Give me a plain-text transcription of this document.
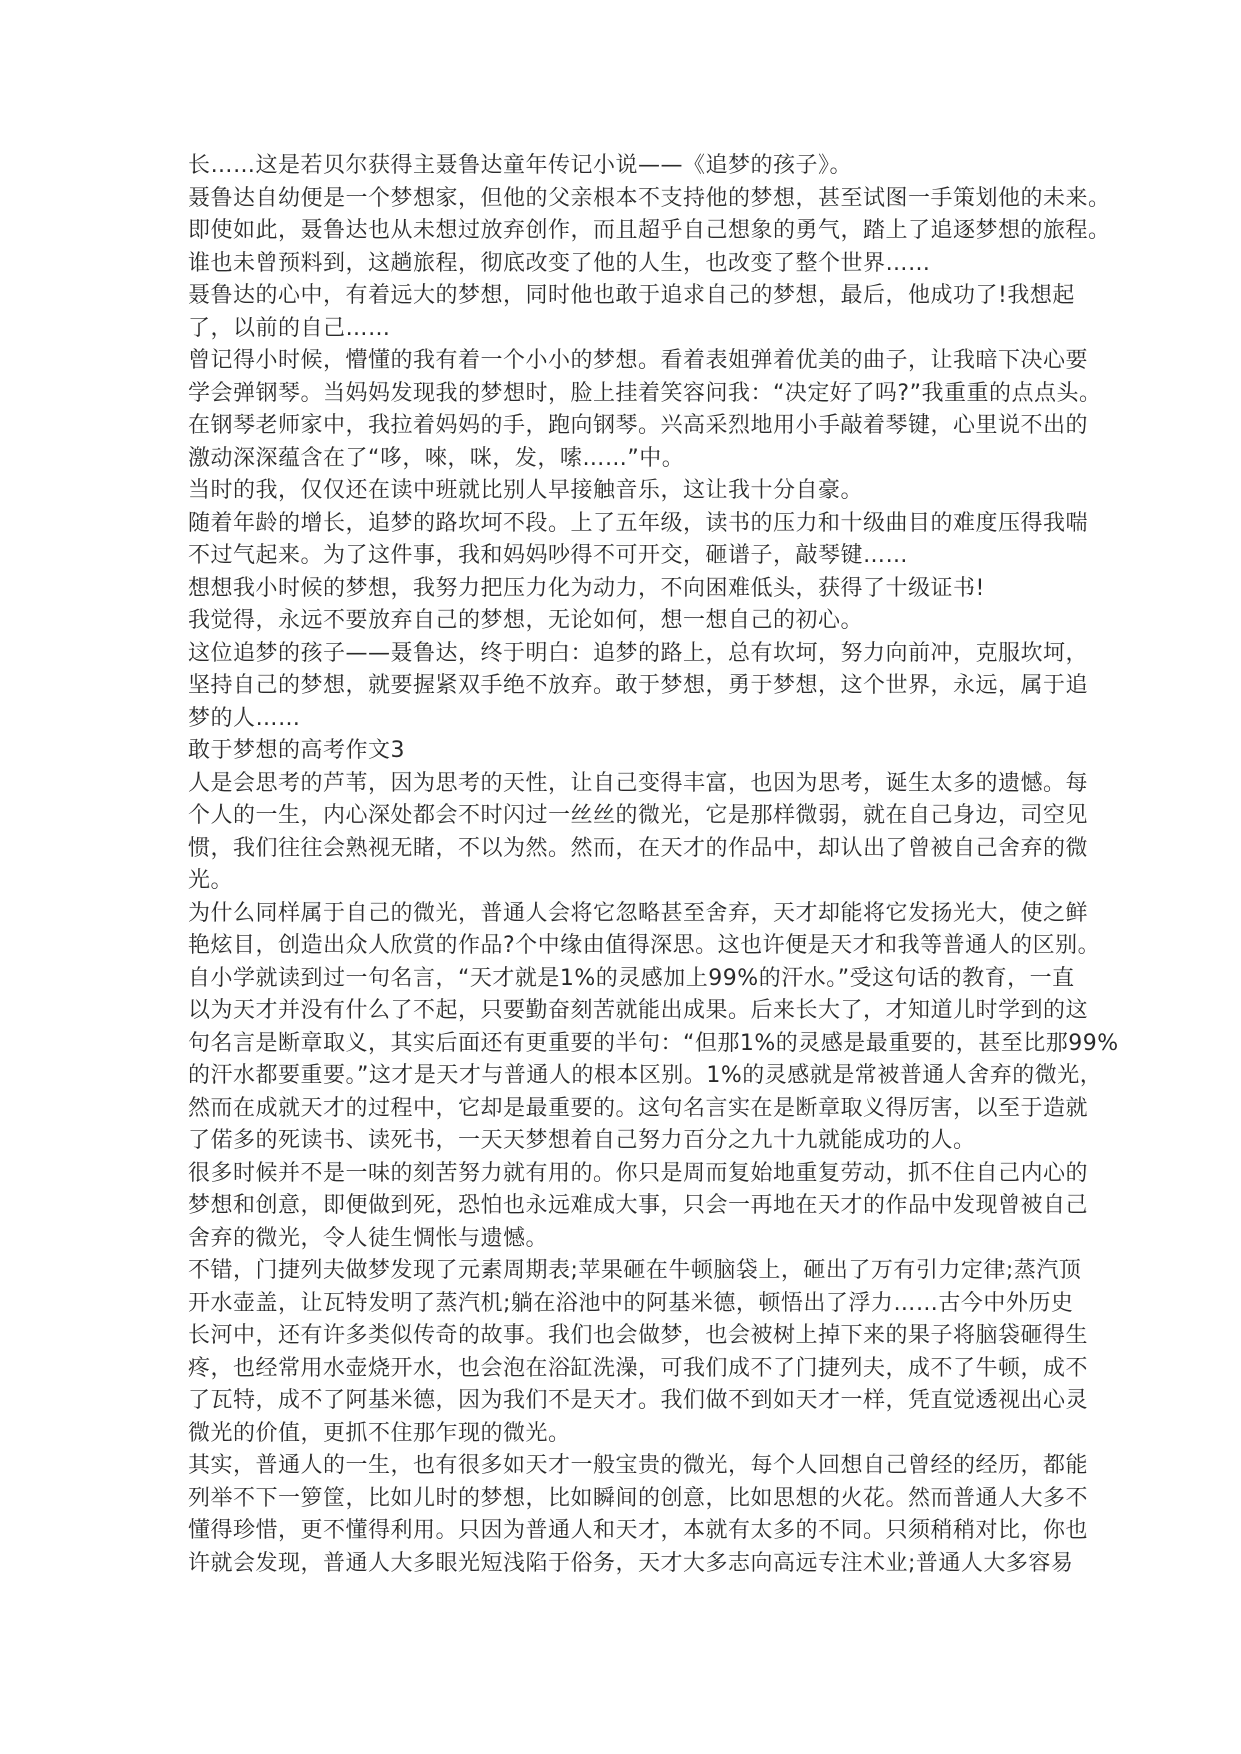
长……这是若贝尔获得主聂鲁达童年传记小说——《追梦的孩子》。
聂鲁达自幼便是一个梦想家，但他的父亲根本不支持他的梦想，甚至试图一手策划他的未来。
即使如此，聂鲁达也从未想过放弃创作，而且超乎自己想象的勇气，踏上了追逐梦想的旅程。
谁也未曾预料到，这趟旅程，彻底改变了他的人生，也改变了整个世界……
聂鲁达的心中，有着远大的梦想，同时他也敢于追求自己的梦想，最后，他成功了!我想起
了，以前的自己……
曾记得小时候，懵懂的我有着一个小小的梦想。看着表姐弹着优美的曲子，让我暗下决心要
学会弹钢琴。当妈妈发现我的梦想时，脸上挂着笑容问我：“决定好了吗?”我重重的点点头。
在钢琴老师家中，我拉着妈妈的手，跑向钢琴。兴高采烈地用小手敲着琴键，心里说不出的
激动深深蕴含在了“哆，唻，咪，发，嗦……”中。
当时的我，仅仅还在读中班就比别人早接触音乐，这让我十分自豪。
随着年龄的增长，追梦的路坎坷不段。上了五年级，读书的压力和十级曲目的难度压得我喘
不过气起来。为了这件事，我和妈妈吵得不可开交，砸谱子，敲琴键……
想想我小时候的梦想，我努力把压力化为动力，不向困难低头，获得了十级证书!
我觉得，永远不要放弃自己的梦想，无论如何，想一想自己的初心。
这位追梦的孩子——聂鲁达，终于明白：追梦的路上，总有坎坷，努力向前冲，克服坎坷，
坚持自己的梦想，就要握紧双手绝不放弃。敢于梦想，勇于梦想，这个世界，永远，属于追
梦的人……
敢于梦想的高考作文3
人是会思考的芦苇，因为思考的天性，让自己变得丰富，也因为思考，诞生太多的遗憾。每
个人的一生，内心深处都会不时闪过一丝丝的微光，它是那样微弱，就在自己身边，司空见
惯，我们往往会熟视无睹，不以为然。然而，在天才的作品中，却认出了曾被自己舍弃的微
光。
为什么同样属于自己的微光，普通人会将它忽略甚至舍弃，天才却能将它发扬光大，使之鲜
艳炫目，创造出众人欣赏的作品?个中缘由值得深思。这也许便是天才和我等普通人的区别。
自小学就读到过一句名言，“天才就是1%的灵感加上99%的汗水。”受这句话的教育，一直
以为天才并没有什么了不起，只要勤奋刻苦就能出成果。后来长大了，才知道儿时学到的这
句名言是断章取义，其实后面还有更重要的半句：“但那1%的灵感是最重要的，甚至比那99%
的汗水都要重要。”这才是天才与普通人的根本区别。1%的灵感就是常被普通人舍弃的微光，
然而在成就天才的过程中，它却是最重要的。这句名言实在是断章取义得厉害，以至于造就
了偌多的死读书、读死书，一天天梦想着自己努力百分之九十九就能成功的人。
很多时候并不是一味的刻苦努力就有用的。你只是周而复始地重复劳动，抓不住自己内心的
梦想和创意，即便做到死，恐怕也永远难成大事，只会一再地在天才的作品中发现曾被自己
舍弃的微光，令人徒生惆怅与遗憾。
不错，门捷列夫做梦发现了元素周期表;苹果砸在牛顿脑袋上，砸出了万有引力定律;蒸汽顶
开水壶盖，让瓦特发明了蒸汽机;躺在浴池中的阿基米德，顿悟出了浮力……古今中外历史
长河中，还有许多类似传奇的故事。我们也会做梦，也会被树上掉下来的果子将脑袋砸得生
疼，也经常用水壶烧开水，也会泡在浴缸洗澡，可我们成不了门捷列夫，成不了牛顿，成不
了瓦特，成不了阿基米德，因为我们不是天才。我们做不到如天才一样，凭直觉透视出心灵
微光的价值，更抓不住那乍现的微光。
其实，普通人的一生，也有很多如天才一般宝贵的微光，每个人回想自己曾经的经历，都能
列举不下一箩筐，比如儿时的梦想，比如瞬间的创意，比如思想的火花。然而普通人大多不
懂得珍惜，更不懂得利用。只因为普通人和天才，本就有太多的不同。只须稍稍对比，你也
许就会发现，普通人大多眼光短浅陷于俗务，天才大多志向高远专注术业;普通人大多容易
